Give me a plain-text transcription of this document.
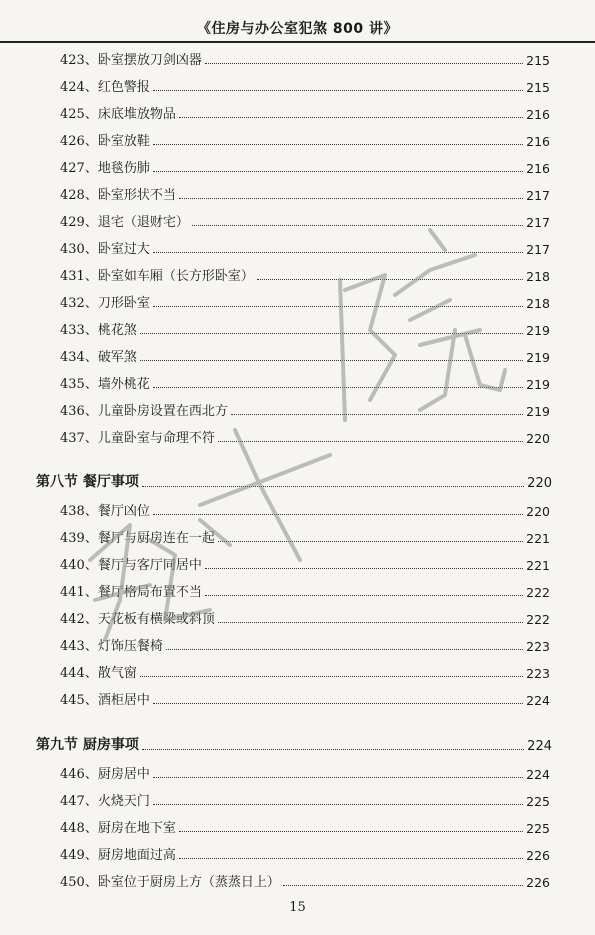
《住房与办公室犯煞 800 讲》
423、卧室摆放刀剑凶器	215
424、红色警报	215
425、床底堆放物品	216
426、卧室放鞋	216
427、地毯伤肺	216
428、卧室形状不当	217
429、退宅（退财宅）	217
430、卧室过大	217
431、卧室如车厢（长方形卧室）	218
432、刀形卧室	218
433、桃花煞	219
434、破军煞	219
435、墙外桃花	219
436、儿童卧房设置在西北方	219
437、儿童卧室与命理不符	220
第八节 餐厅事项	220
438、餐厅凶位	220
439、餐厅与厨房连在一起	221
440、餐厅与客厅同居中	221
441、餐厅格局布置不当	222
442、天花板有横梁或斜顶	222
443、灯饰压餐椅	223
444、散气窗	223
445、酒柜居中	224
第九节 厨房事项	224
446、厨房居中	224
447、火烧天门	225
448、厨房在地下室	225
449、厨房地面过高	226
450、卧室位于厨房上方（蒸蒸日上）	226
15
